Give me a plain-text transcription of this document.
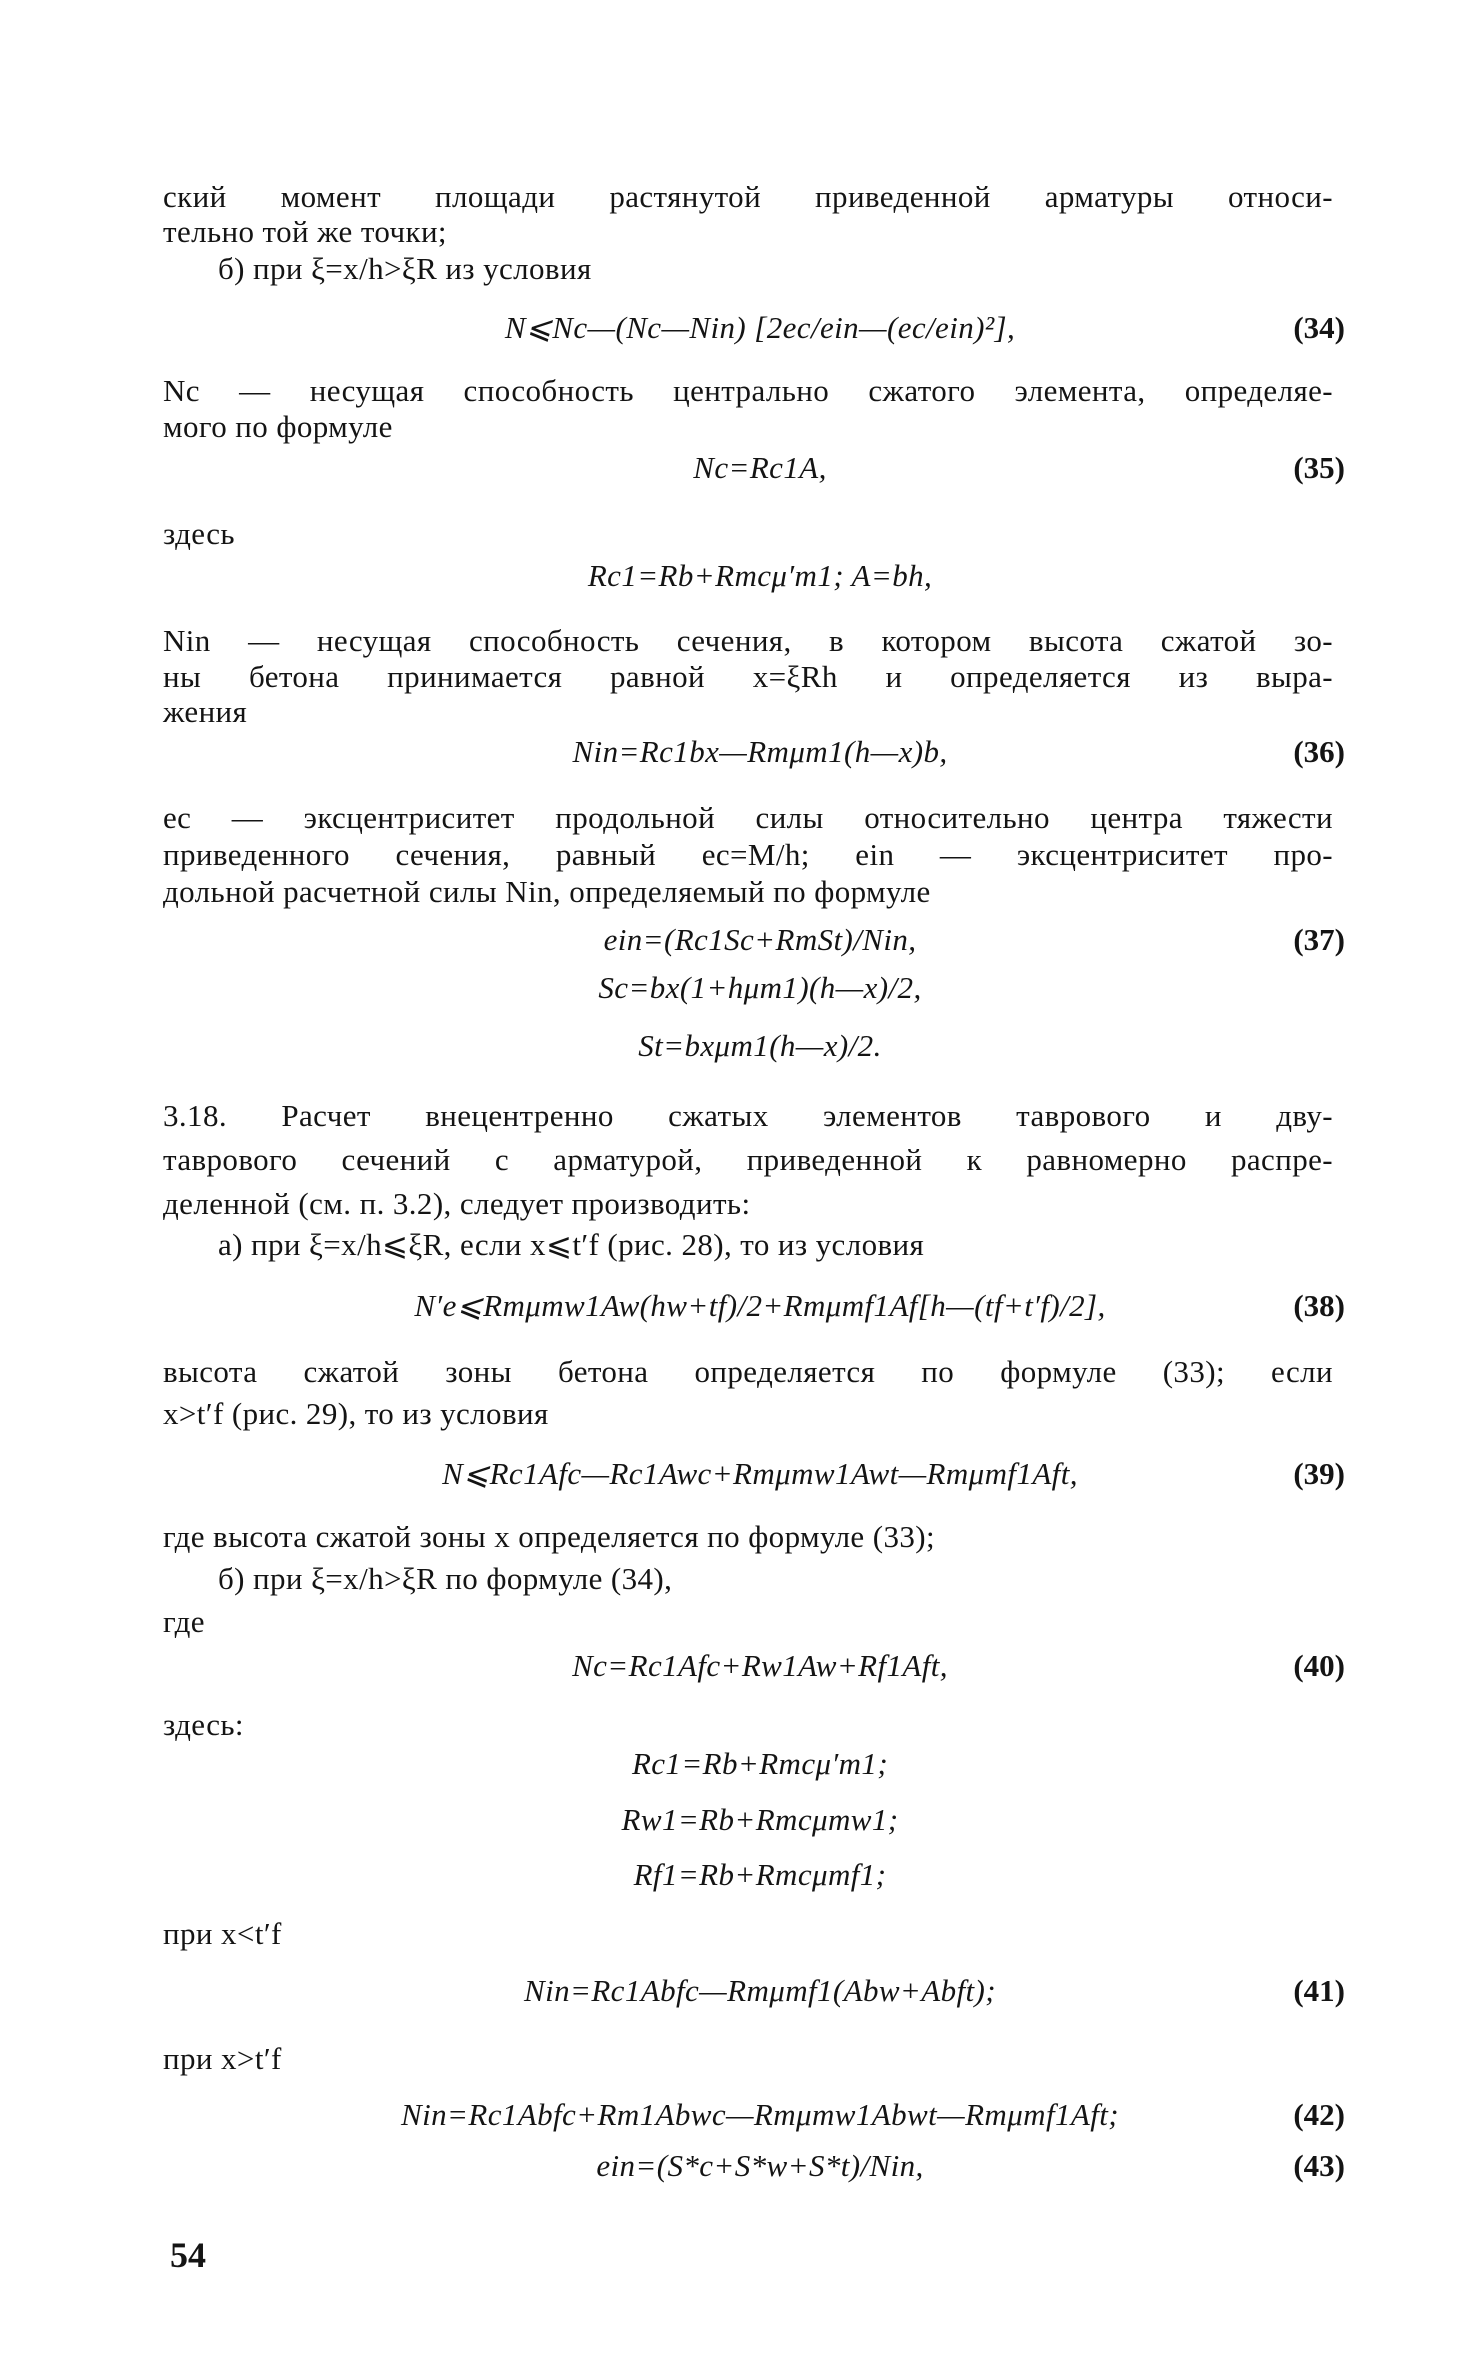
ский момент площади растянутой приведенной арматуры относи-
тельно той же точки;
б) при ξ=x/h>ξR из условия
N⩽Nс—(Nс—Nin) [2eс/ein—(eс/ein)²],	(34)
Nс — несущая способность центрально сжатого элемента, определяе-
мого по формуле
Nс=Rс1A,	(35)
здесь
Rс1=Rb+Rmсμ′m1; A=bh,
Nin — несущая способность сечения, в котором высота сжатой зо-
ны бетона принимается равной x=ξRh и определяется из выра-
жения
Nin=Rс1bx—Rmμm1(h—x)b,	(36)
eс — эксцентриситет продольной силы относительно центра тяжести
приведенного сечения, равный eс=M/h; ein — эксцентриситет про-
дольной расчетной силы Nin, определяемый по формуле
ein=(Rс1Sс+RmSt)/Nin,	(37)
Sс=bx(1+hμm1)(h—x)/2,
St=bxμm1(h—x)/2.
3.18. Расчет внецентренно сжатых элементов таврового и дву-
таврового сечений с арматурой, приведенной к равномерно распре-
деленной (см. п. 3.2), следует производить:
а) при ξ=x/h⩽ξR, если x⩽t′f (рис. 28), то из условия
N′e⩽Rmμmw1Aw(hw+tf)/2+Rmμmf1Af[h—(tf+t′f)/2],	(38)
высота сжатой зоны бетона определяется по формуле (33); если
x>t′f (рис. 29), то из условия
N⩽Rс1Afс—Rс1Awс+Rmμmw1Awt—Rmμmf1Aft,	(39)
где высота сжатой зоны x определяется по формуле (33);
б) при ξ=x/h>ξR по формуле (34),
где
Nс=Rс1Afс+Rw1Aw+Rf1Aft,	(40)
здесь:
Rс1=Rb+Rmсμ′m1;
Rw1=Rb+Rmсμmw1;
Rf1=Rb+Rmсμmf1;
при x<t′f
Nin=Rс1Abfс—Rmμmf1(Abw+Abft);	(41)
при x>t′f
Nin=Rс1Abfс+Rm1Abwс—Rmμmw1Abwt—Rmμmf1Aft;	(42)
ein=(S*с+S*w+S*t)/Nin,	(43)
54
